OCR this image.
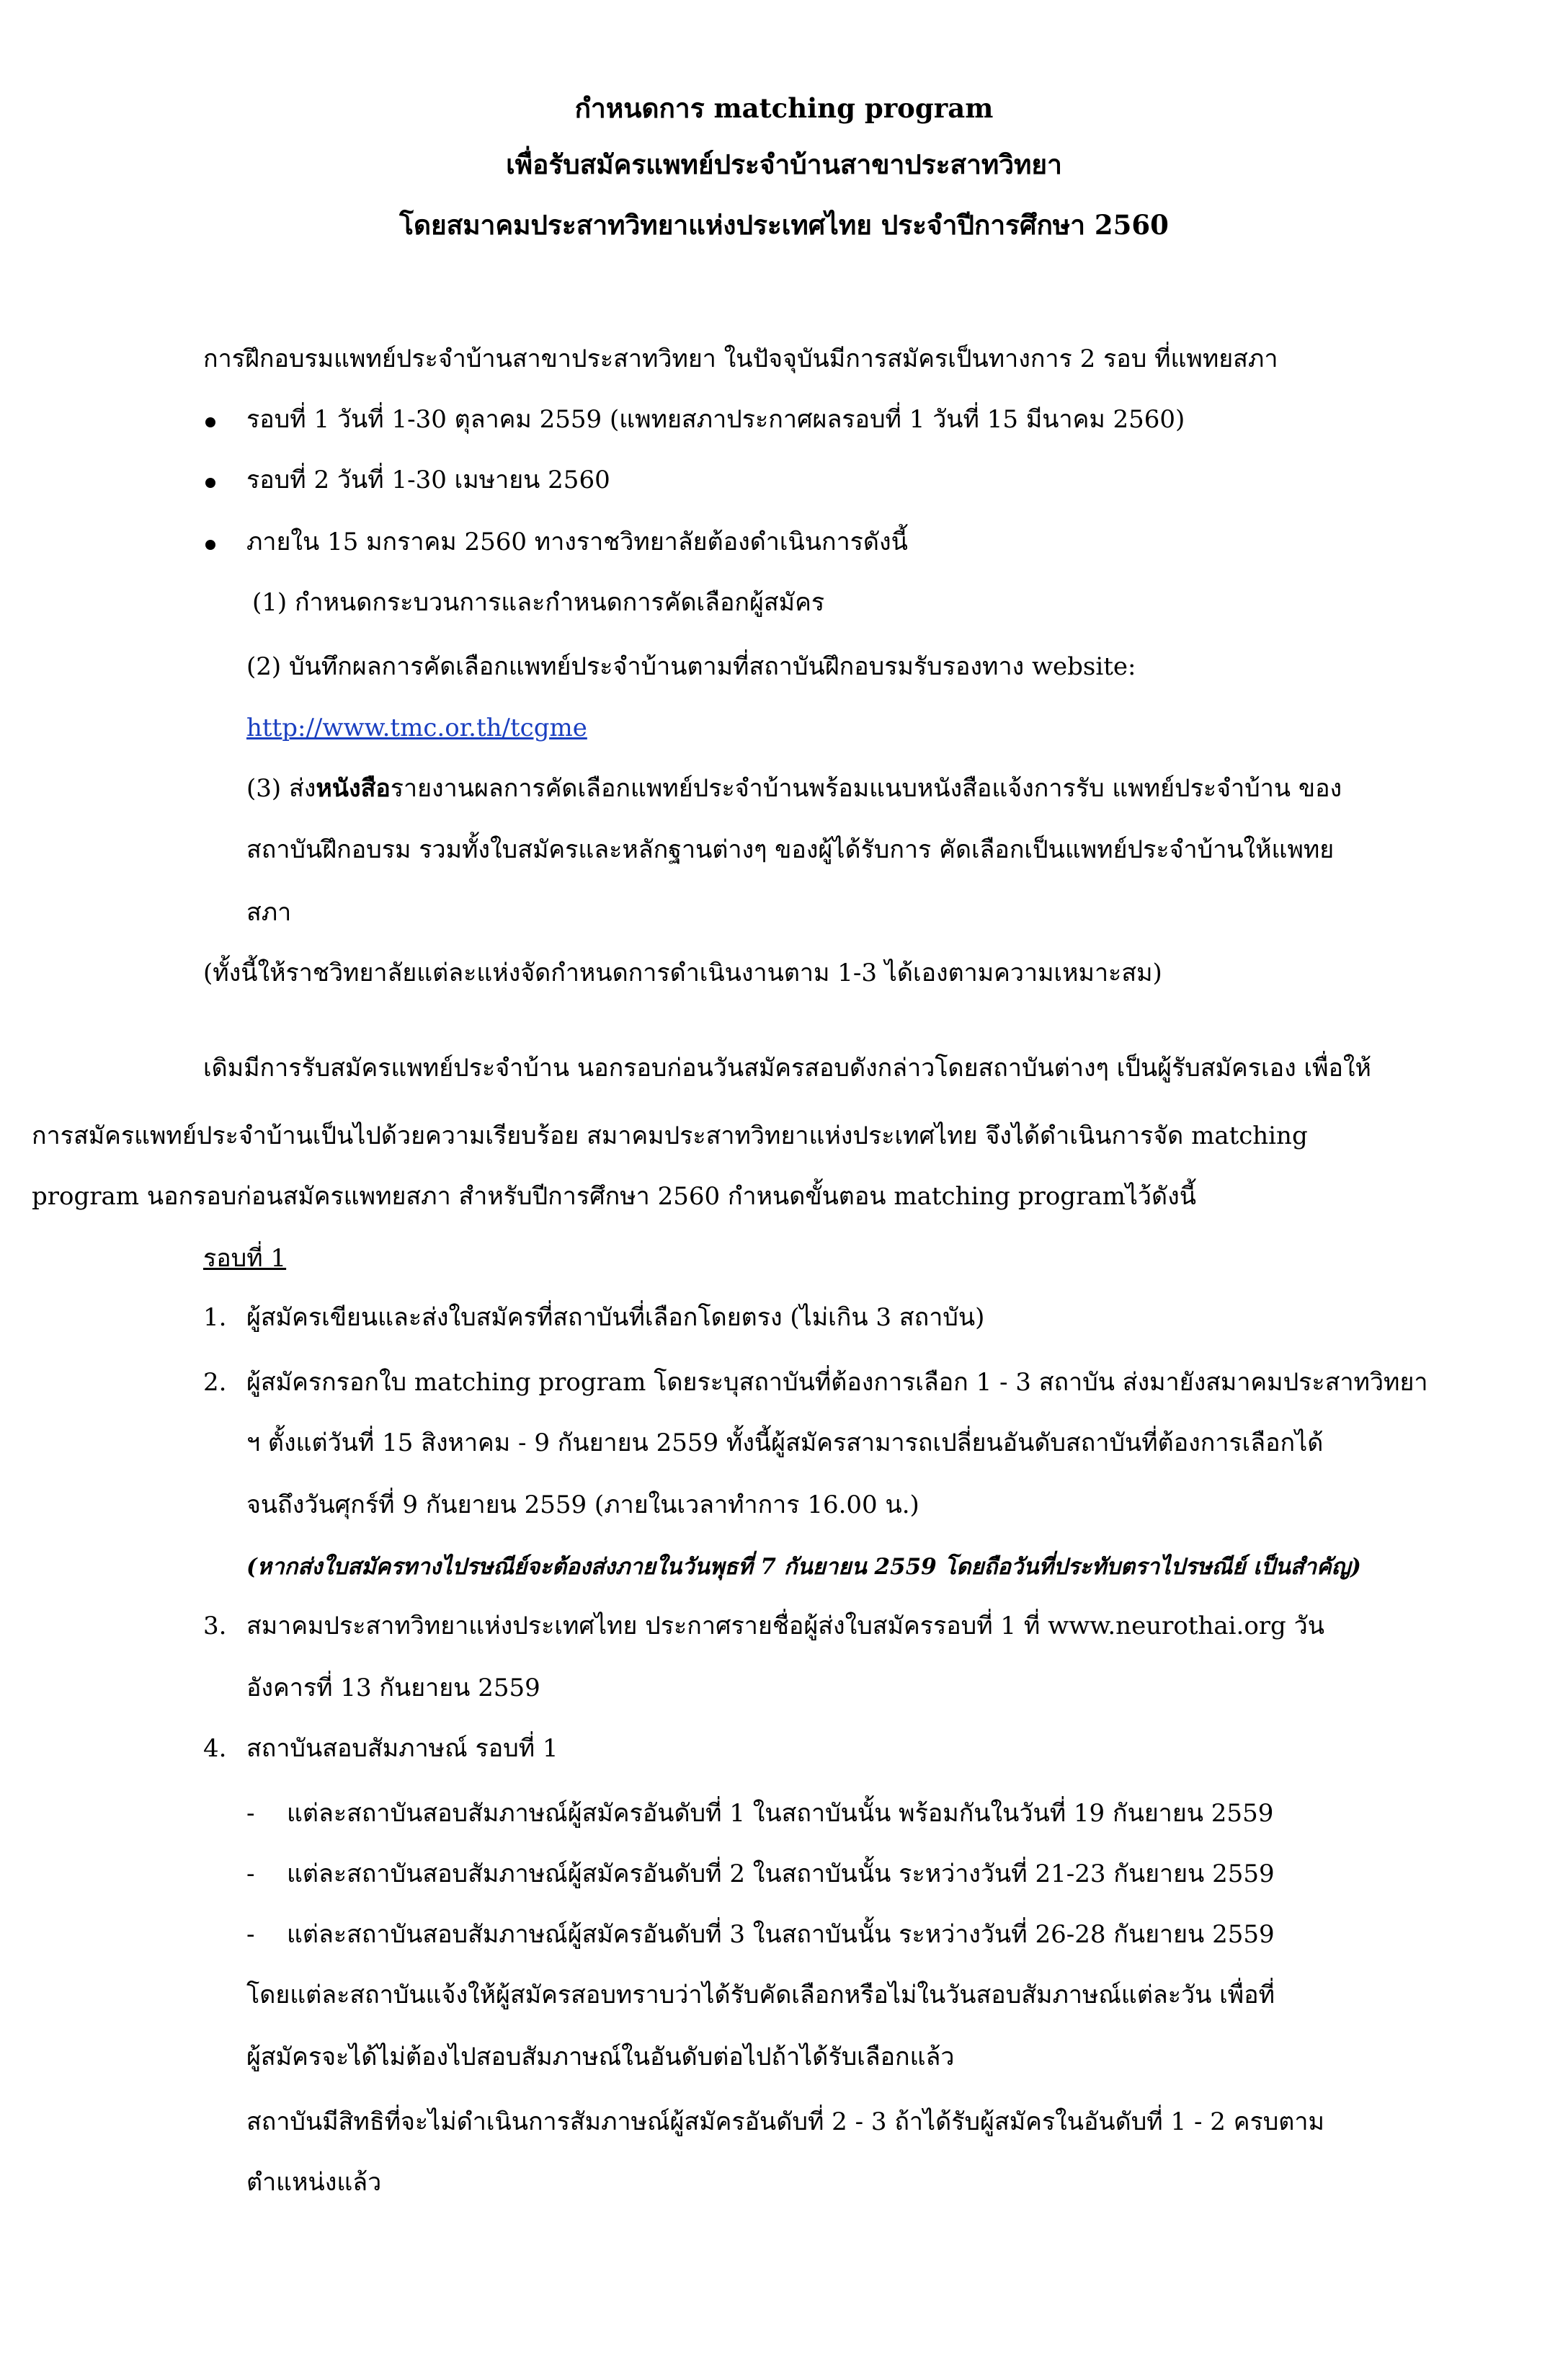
กำหนดการ matching program
เพื่อรับสมัครแพทย์ประจำบ้านสาขาประสาทวิทยา
โดยสมาคมประสาทวิทยาแห่งประเทศไทย ประจำปีการศึกษา 2560
การฝึกอบรมแพทย์ประจำบ้านสาขาประสาทวิทยา ในปัจจุบันมีการสมัครเป็นทางการ 2 รอบ ที่แพทยสภา
รอบที่ 1 วันที่ 1-30 ตุลาคม 2559 (แพทยสภาประกาศผลรอบที่ 1 วันที่ 15 มีนาคม 2560)
รอบที่ 2 วันที่ 1-30 เมษายน 2560
ภายใน 15 มกราคม 2560 ทางราชวิทยาลัยต้องดำเนินการดังนี้
(1) กำหนดกระบวนการและกำหนดการคัดเลือกผู้สมัคร
(2) บันทึกผลการคัดเลือกแพทย์ประจำบ้านตามที่สถาบันฝึกอบรมรับรองทาง website:
http://www.tmc.or.th/tcgme
(3) ส่งหนังสือรายงานผลการคัดเลือกแพทย์ประจำบ้านพร้อมแนบหนังสือแจ้งการรับ แพทย์ประจำบ้าน ของ
สถาบันฝึกอบรม รวมทั้งใบสมัครและหลักฐานต่างๆ ของผู้ได้รับการ คัดเลือกเป็นแพทย์ประจำบ้านให้แพทย
สภา
(ทั้งนี้ให้ราชวิทยาลัยแต่ละแห่งจัดกำหนดการดำเนินงานตาม 1-3 ได้เองตามความเหมาะสม)
เดิมมีการรับสมัครแพทย์ประจำบ้าน นอกรอบก่อนวันสมัครสอบดังกล่าวโดยสถาบันต่างๆ เป็นผู้รับสมัครเอง เพื่อให้
การสมัครแพทย์ประจำบ้านเป็นไปด้วยความเรียบร้อย สมาคมประสาทวิทยาแห่งประเทศไทย จึงได้ดำเนินการจัด matching
program นอกรอบก่อนสมัครแพทยสภา สำหรับปีการศึกษา 2560 กำหนดขั้นตอน matching programไว้ดังนี้
รอบที่ 1
1. ผู้สมัครเขียนและส่งใบสมัครที่สถาบันที่เลือกโดยตรง (ไม่เกิน 3 สถาบัน)
2. ผู้สมัครกรอกใบ matching program โดยระบุสถาบันที่ต้องการเลือก 1 - 3 สถาบัน ส่งมายังสมาคมประสาทวิทยา
ฯ ตั้งแต่วันที่ 15 สิงหาคม - 9 กันยายน 2559 ทั้งนี้ผู้สมัครสามารถเปลี่ยนอันดับสถาบันที่ต้องการเลือกได้
จนถึงวันศุกร์ที่ 9 กันยายน 2559 (ภายในเวลาทำการ 16.00 น.)
(หากส่งใบสมัครทางไปรษณีย์จะต้องส่งภายในวันพุธที่ 7 กันยายน 2559 โดยถือวันที่ประทับตราไปรษณีย์ เป็นสำคัญ)
3. สมาคมประสาทวิทยาแห่งประเทศไทย ประกาศรายชื่อผู้ส่งใบสมัครรอบที่ 1 ที่ www.neurothai.org วัน
อังคารที่ 13 กันยายน 2559
4. สถาบันสอบสัมภาษณ์ รอบที่ 1
- แต่ละสถาบันสอบสัมภาษณ์ผู้สมัครอันดับที่ 1 ในสถาบันนั้น พร้อมกันในวันที่ 19 กันยายน 2559
- แต่ละสถาบันสอบสัมภาษณ์ผู้สมัครอันดับที่ 2 ในสถาบันนั้น ระหว่างวันที่ 21-23 กันยายน 2559
- แต่ละสถาบันสอบสัมภาษณ์ผู้สมัครอันดับที่ 3 ในสถาบันนั้น ระหว่างวันที่ 26-28 กันยายน 2559
โดยแต่ละสถาบันแจ้งให้ผู้สมัครสอบทราบว่าได้รับคัดเลือกหรือไม่ในวันสอบสัมภาษณ์แต่ละวัน เพื่อที่
ผู้สมัครจะได้ไม่ต้องไปสอบสัมภาษณ์ในอันดับต่อไปถ้าได้รับเลือกแล้ว
สถาบันมีสิทธิที่จะไม่ดำเนินการสัมภาษณ์ผู้สมัครอันดับที่ 2 - 3 ถ้าได้รับผู้สมัครในอันดับที่ 1 - 2 ครบตาม
ตำแหน่งแล้ว
